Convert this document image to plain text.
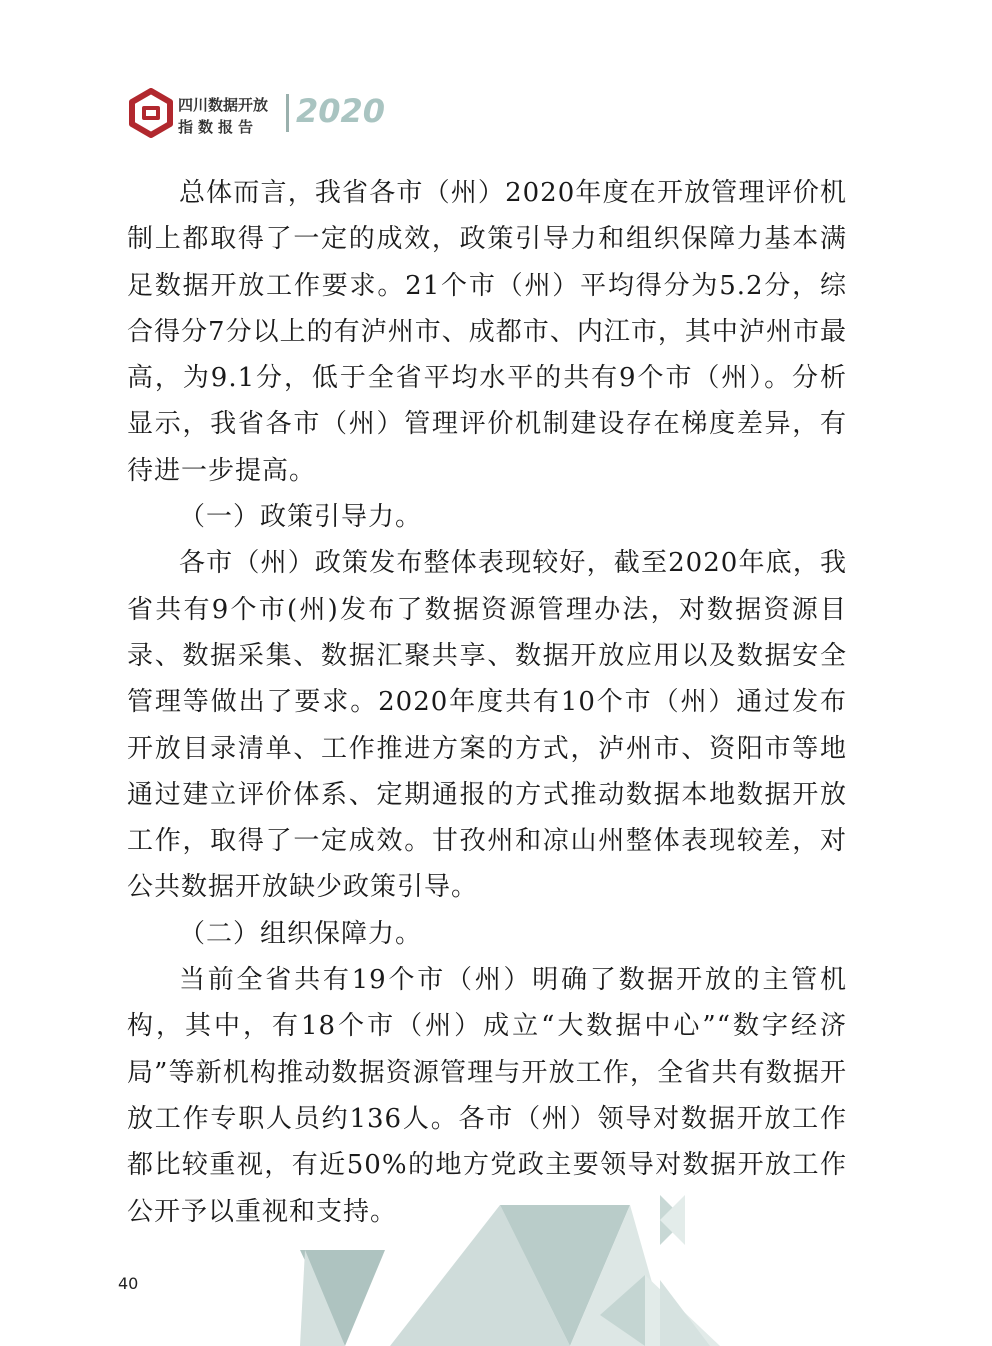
四川数据开放
指数报告 2020

总体而言，我省各市（州）2020年度在开放管理评价机制上都取得了一定的成效，政策引导力和组织保障力基本满足数据开放工作要求。21个市（州）平均得分为5.2分，综合得分7分以上的有泸州市、成都市、内江市，其中泸州市最高，为9.1分，低于全省平均水平的共有9个市（州）。分析显示，我省各市（州）管理评价机制建设存在梯度差异，有待进一步提高。

（一）政策引导力。

各市（州）政策发布整体表现较好，截至2020年底，我省共有9个市(州)发布了数据资源管理办法，对数据资源目录、数据采集、数据汇聚共享、数据开放应用以及数据安全管理等做出了要求。2020年度共有10个市（州）通过发布开放目录清单、工作推进方案的方式，泸州市、资阳市等地通过建立评价体系、定期通报的方式推动数据本地数据开放工作，取得了一定成效。甘孜州和凉山州整体表现较差，对公共数据开放缺少政策引导。

（二）组织保障力。

当前全省共有19个市（州）明确了数据开放的主管机构，其中，有18个市（州）成立“大数据中心”“数字经济局”等新机构推动数据资源管理与开放工作，全省共有数据开放工作专职人员约136人。各市（州）领导对数据开放工作都比较重视，有近50%的地方党政主要领导对数据开放工作公开予以重视和支持。

40
